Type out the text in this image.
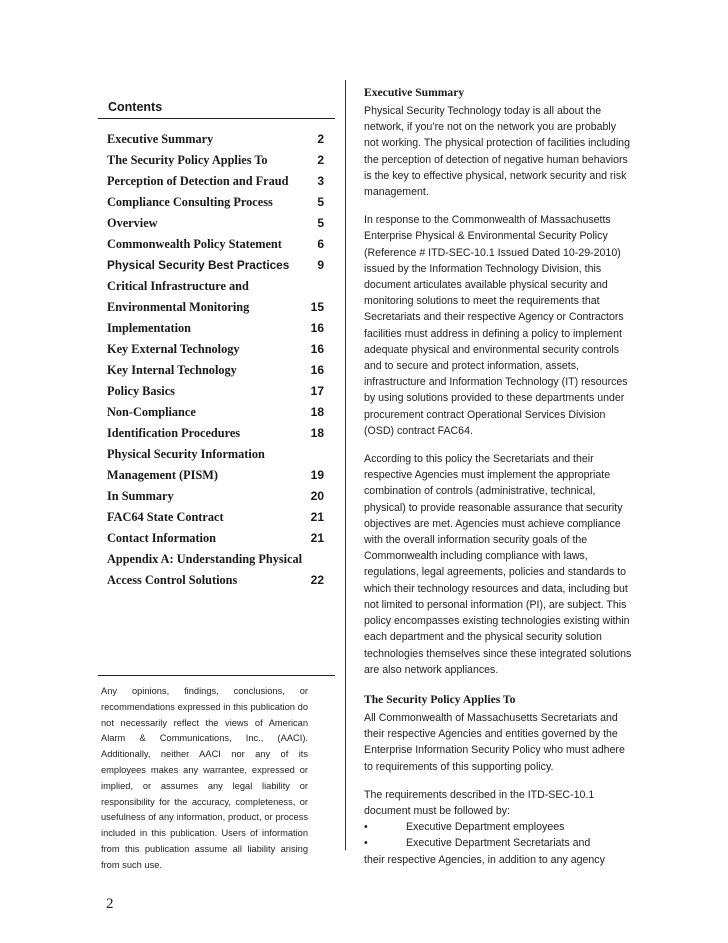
Contents
Executive Summary	2
The Security Policy Applies To	2
Perception of Detection and Fraud 3
Compliance Consulting Process	5
Overview	5
Commonwealth Policy Statement	6
Physical Security Best Practices 9
Critical Infrastructure and
Environmental Monitoring	15
Implementation	16
Key External Technology	16
Key Internal Technology	16
Policy Basics	17
Non-Compliance	18
Identification Procedures	18
Physical Security Information
Management (PISM)	19
In Summary	20
FAC64 State Contract	21
Contact Information	21
Appendix A: Understanding Physical
Access Control Solutions	22
Any opinions, findings, conclusions, or recommendations expressed in this publication do not necessarily reflect the views of American Alarm & Communications, Inc., (AACI). Additionally, neither AACI nor any of its employees makes any warrantee, expressed or implied, or assumes any legal liability or responsibility for the accuracy, completeness, or usefulness of any information, product, or process included in this publication. Users of information from this publication assume all liability arising from such use.
2

Executive Summary

Physical Security Technology today is all about the network, if you’re not on the network you are probably not working. The physical protection of facilities including the perception of detection of negative human behaviors is the key to effective physical, network security and risk management.

In response to the Commonwealth of Massachusetts Enterprise Physical & Environmental Security Policy (Reference # ITD-SEC-10.1 Issued Dated 10-29-2010) issued by the Information Technology Division, this document articulates available physical security and monitoring solutions to meet the requirements that Secretariats and their respective Agency or Contractors facilities must address in defining a policy to implement adequate physical and environmental security controls and to secure and protect information, assets, infrastructure and Information Technology (IT) resources by using solutions provided to these departments under procurement contract Operational Services Division (OSD) contract FAC64.

According to this policy the Secretariats and their respective Agencies must implement the appropriate combination of controls (administrative, technical, physical) to provide reasonable assurance that security objectives are met. Agencies must achieve compliance with the overall information security goals of the Commonwealth including compliance with laws, regulations, legal agreements, policies and standards to which their technology resources and data, including but not limited to personal information (PI), are subject. This policy encompasses existing technologies existing within each department and the physical security solution technologies themselves since these integrated solutions are also network appliances.

The Security Policy Applies To

All Commonwealth of Massachusetts Secretariats and their respective Agencies and entities governed by the Enterprise Information Security Policy who must adhere to requirements of this supporting policy.

The requirements described in the ITD-SEC-10.1 document must be followed by:

•	Executive Department employees
•	Executive Department Secretariats and

their respective Agencies, in addition to any agency
